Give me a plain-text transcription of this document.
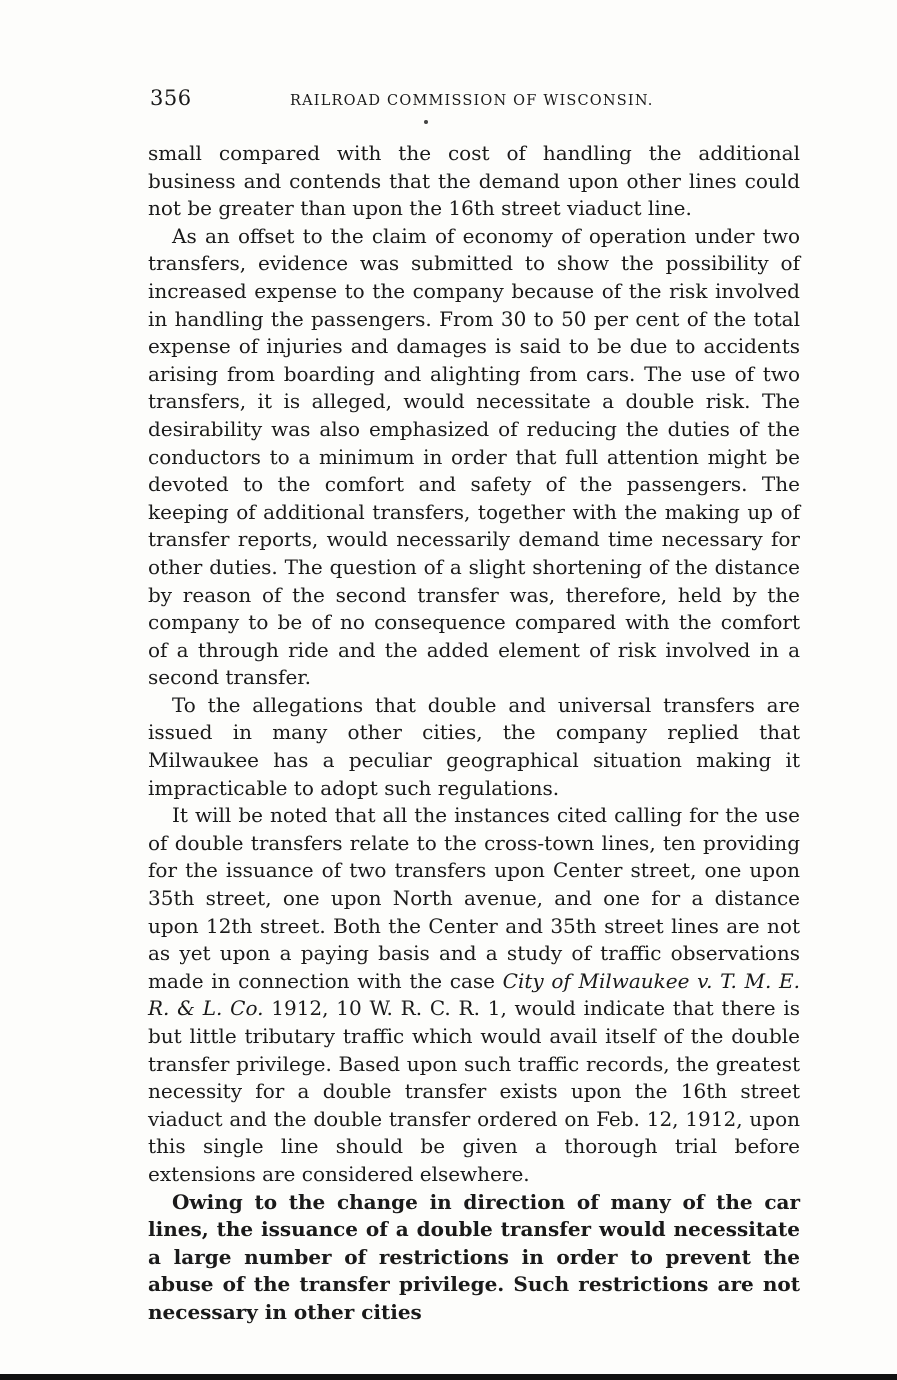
356	RAILROAD COMMISSION OF WISCONSIN.

small compared with the cost of handling the additional business and contends that the demand upon other lines could not be greater than upon the 16th street viaduct line.

As an offset to the claim of economy of operation under two transfers, evidence was submitted to show the possibility of increased expense to the company because of the risk involved in handling the passengers. From 30 to 50 per cent of the total expense of injuries and damages is said to be due to accidents arising from boarding and alighting from cars. The use of two transfers, it is alleged, would necessitate a double risk. The desirability was also emphasized of reducing the duties of the conductors to a minimum in order that full attention might be devoted to the comfort and safety of the passengers. The keeping of additional transfers, together with the making up of transfer reports, would necessarily demand time necessary for other duties. The question of a slight shortening of the distance by reason of the second transfer was, therefore, held by the company to be of no consequence compared with the comfort of a through ride and the added element of risk involved in a second transfer.

To the allegations that double and universal transfers are issued in many other cities, the company replied that Milwaukee has a peculiar geographical situation making it impracticable to adopt such regulations.

It will be noted that all the instances cited calling for the use of double transfers relate to the cross-town lines, ten providing for the issuance of two transfers upon Center street, one upon 35th street, one upon North avenue, and one for a distance upon 12th street. Both the Center and 35th street lines are not as yet upon a paying basis and a study of traffic observations made in connection with the case City of Milwaukee v. T. M. E. R. & L. Co. 1912, 10 W. R. C. R. 1, would indicate that there is but little tributary traffic which would avail itself of the double transfer privilege. Based upon such traffic records, the greatest necessity for a double transfer exists upon the 16th street viaduct and the double transfer ordered on Feb. 12, 1912, upon this single line should be given a thorough trial before extensions are considered elsewhere.

Owing to the change in direction of many of the car lines, the issuance of a double transfer would necessitate a large number of restrictions in order to prevent the abuse of the transfer privilege. Such restrictions are not necessary in other cities
